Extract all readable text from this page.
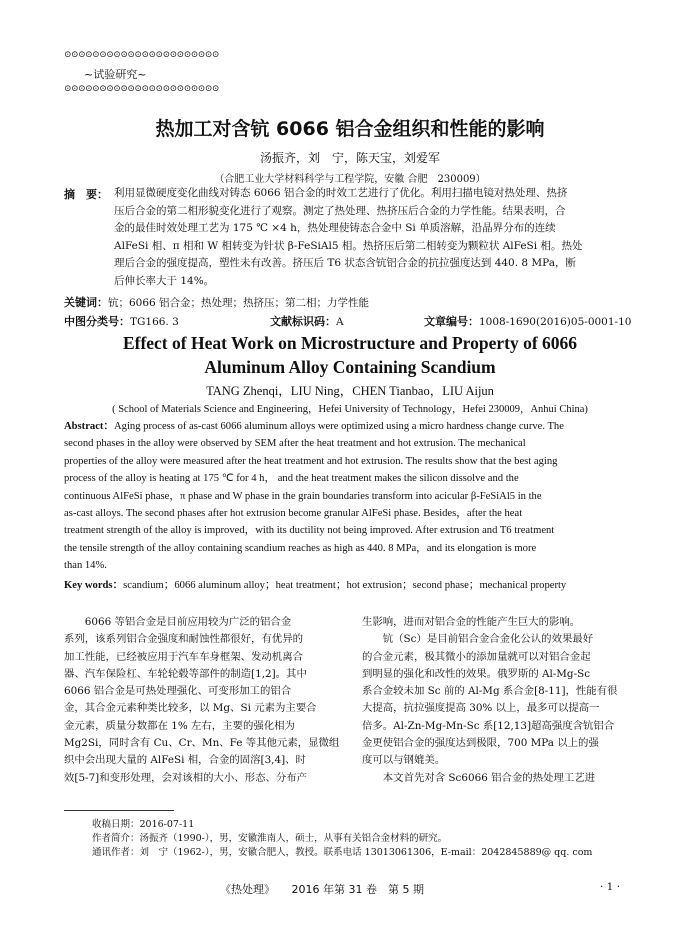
⊙⊙⊙⊙⊙⊙⊙⊙⊙⊙⊙⊙⊙⊙⊙⊙⊙⊙⊙⊙⊙⊙
~试验研究~
⊙⊙⊙⊙⊙⊙⊙⊙⊙⊙⊙⊙⊙⊙⊙⊙⊙⊙⊙⊙⊙⊙
热加工对含钪 6066 铝合金组织和性能的影响
汤振齐，刘　宁，陈天宝，刘爱军
（合肥工业大学材料科学与工程学院，安徽 合肥　230009）
摘　要： 利用显微硬度变化曲线对铸态 6066 铝合金的时效工艺进行了优化。利用扫描电镜对热处理、热挤
压后合金的第二相形貌变化进行了观察。测定了热处理、热挤压后合金的力学性能。结果表明，合
金的最佳时效处理工艺为 175 ℃ ×4 h，热处理使铸态合金中 Si 单质溶解，沿晶界分布的连续
AlFeSi 相、π 相和 W 相转变为针状 β-FeSiAl5 相。热挤压后第二相转变为颗粒状 AlFeSi 相。热处
理后合金的强度提高，塑性未有改善。挤压后 T6 状态含钪铝合金的抗拉强度达到 440. 8 MPa，断
后伸长率大于 14%。
关键词：钪；6066 铝合金；热处理；热挤压；第二相；力学性能
中图分类号：TG166. 3	文献标识码：A	文章编号：1008-1690(2016)05-0001-10
Effect of Heat Work on Microstructure and Property of 6066
Aluminum Alloy Containing Scandium
TANG Zhenqi，LIU Ning，CHEN Tianbao，LIU Aijun
( School of Materials Science and Engineering，Hefei University of Technology，Hefei 230009，Anhui China)
Abstract：Aging process of as-cast 6066 aluminum alloys were optimized using a micro hardness change curve. The
second phases in the alloy were observed by SEM after the heat treatment and hot extrusion. The mechanical
properties of the alloy were measured after the heat treatment and hot extrusion. The results show that the best aging
process of the alloy is heating at 175 ℃ for 4 h， and the heat treatment makes the silicon dissolve and the
continuous AlFeSi phase，π phase and W phase in the grain boundaries transform into acicular β-FeSiAl5 in the
as-cast alloys. The second phases after hot extrusion become granular AlFeSi phase. Besides，after the heat
treatment strength of the alloy is improved，with its ductility not being improved. After extrusion and T6 treatment
the tensile strength of the alloy containing scandium reaches as high as 440. 8 MPa，and its elongation is more
than 14%.
Key words：scandium；6066 aluminum alloy；heat treatment；hot extrusion；second phase；mechanical property
　　6066 等铝合金是目前应用较为广泛的铝合金
系列，该系列铝合金强度和耐蚀性都很好，有优异的
加工性能，已经被应用于汽车车身框架、发动机离合
器、汽车保险杠、车轮轮毂等部件的制造[1,2]。其中
6066 铝合金是可热处理强化、可变形加工的铝合
金，其合金元素种类比较多，以 Mg、Si 元素为主要合
金元素，质量分数都在 1% 左右，主要的强化相为
Mg2Si，同时含有 Cu、Cr、Mn、Fe 等其他元素，显微组
织中会出现大量的 AlFeSi 相，合金的固溶[3,4]、时
效[5-7]和变形处理，会对该相的大小、形态、分布产
生影响，进而对铝合金的性能产生巨大的影响。
　　钪（Sc）是目前铝合金合金化公认的效果最好
的合金元素，极其微小的添加量就可以对铝合金起
到明显的强化和改性的效果。俄罗斯的 Al-Mg-Sc
系合金较未加 Sc 前的 Al-Mg 系合金[8-11]，性能有很
大提高，抗拉强度提高 30% 以上，最多可以提高一
倍多。Al-Zn-Mg-Mn-Sc 系[12,13]超高强度含钪铝合
金更使铝合金的强度达到极限，700 MPa 以上的强
度可以与钢媲美。
　　本文首先对含 Sc6066 铝合金的热处理工艺进
收稿日期：2016-07-11
作者简介：汤振齐（1990-），男，安徽淮南人，硕士，从事有关铝合金材料的研究。
通讯作者：刘　宁（1962-），男，安徽合肥人，教授。联系电话 13013061306，E-mail：2042845889@ qq. com
《热处理》　　2016 年第 31 卷　第 5 期	· 1 ·
